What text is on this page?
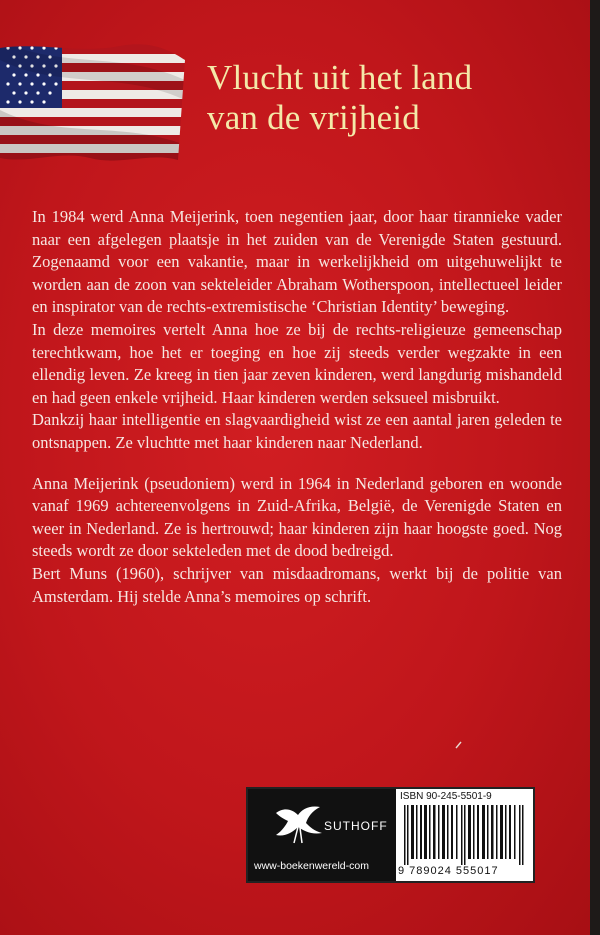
Vlucht uit het land
van de vrijheid

In 1984 werd Anna Meijerink, toen negentien jaar, door haar tirannieke vader naar een afgelegen plaatsje in het zuiden van de Verenigde Staten gestuurd. Zogenaamd voor een vakantie, maar in werkelijkheid om uitgehuwelijkt te worden aan de zoon van sekteleider Abraham Wotherspoon, intellectueel leider en inspirator van de rechts-extremistische ‘Christian Identity’ beweging.

In deze memoires vertelt Anna hoe ze bij de rechts-religieuze gemeenschap terechtkwam, hoe het er toeging en hoe zij steeds verder wegzakte in een ellendig leven. Ze kreeg in tien jaar zeven kinderen, werd langdurig mishandeld en had geen enkele vrijheid. Haar kinderen werden seksueel misbruikt.

Dankzij haar intelligentie en slagvaardigheid wist ze een aantal jaren geleden te ontsnappen. Ze vluchtte met haar kinderen naar Nederland.

Anna Meijerink (pseudoniem) werd in 1964 in Nederland geboren en woonde vanaf 1969 achtereenvolgens in Zuid-Afrika, België, de Verenigde Staten en weer in Nederland. Ze is hertrouwd; haar kinderen zijn haar hoogste goed. Nog steeds wordt ze door sekteleden met de dood bedreigd.

Bert Muns (1960), schrijver van misdaadromans, werkt bij de politie van Amsterdam. Hij stelde Anna’s memoires op schrift.

SUTHOFF
www-boekenwereld-com
ISBN 90-245-5501-9
9 789024 555017
